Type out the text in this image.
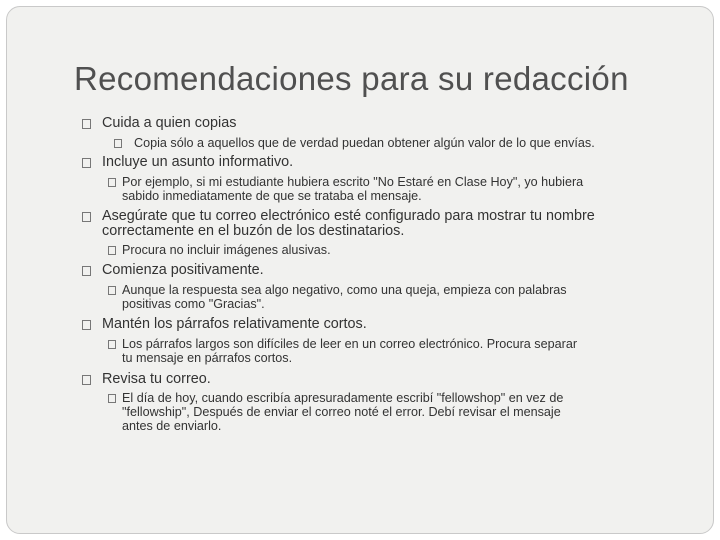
Recomendaciones para su redacción
Cuida a quien copias
Copia sólo a aquellos que de verdad puedan obtener algún valor de lo que envías.
Incluye un asunto informativo.
Por ejemplo, si mi estudiante hubiera escrito "No Estaré en Clase Hoy", yo hubiera
sabido inmediatamente de que se trataba el mensaje.
Asegúrate que tu correo electrónico esté configurado para mostrar tu nombre
correctamente en el buzón de los destinatarios.
Procura no incluir imágenes alusivas.
Comienza positivamente.
Aunque la respuesta sea algo negativo, como una queja, empieza con palabras
positivas como "Gracias".
Mantén los párrafos relativamente cortos.
Los párrafos largos son difíciles de leer en un correo electrónico. Procura separar
tu mensaje en párrafos cortos.
Revisa tu correo.
El día de hoy, cuando escribía apresuradamente escribí "fellowshop" en vez de
"fellowship", Después de enviar el correo noté el error. Debí revisar el mensaje
antes de enviarlo.
